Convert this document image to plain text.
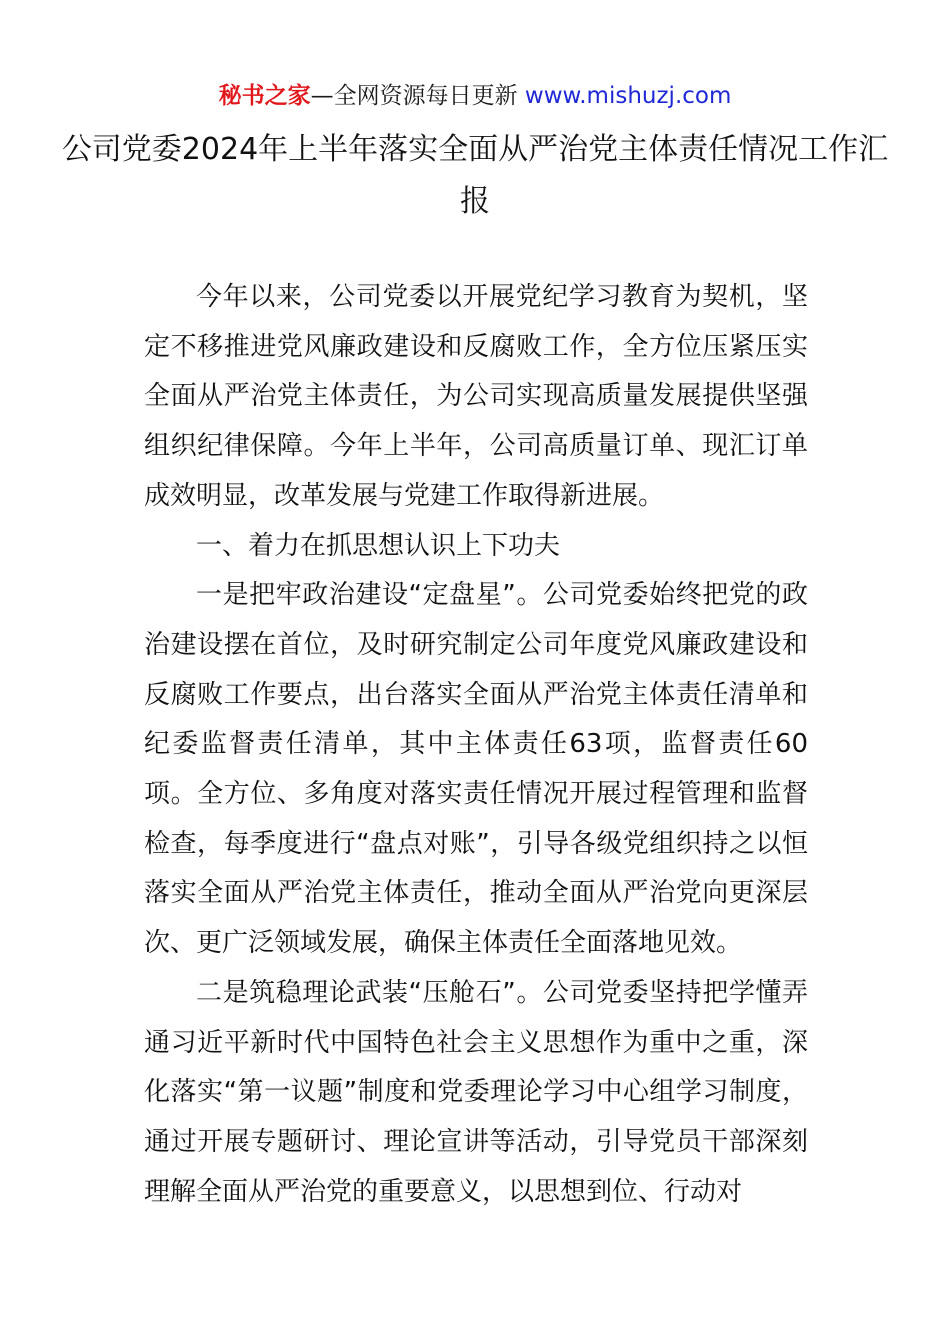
秘书之家—全网资源每日更新 www.mishuzj.com
公司党委2024年上半年落实全面从严治党主体责任情况工作汇报

今年以来，公司党委以开展党纪学习教育为契机，坚定不移推进党风廉政建设和反腐败工作，全方位压紧压实全面从严治党主体责任，为公司实现高质量发展提供坚强组织纪律保障。今年上半年，公司高质量订单、现汇订单成效明显，改革发展与党建工作取得新进展。

一、着力在抓思想认识上下功夫

一是把牢政治建设“定盘星”。公司党委始终把党的政治建设摆在首位，及时研究制定公司年度党风廉政建设和反腐败工作要点，出台落实全面从严治党主体责任清单和纪委监督责任清单，其中主体责任63项，监督责任60项。全方位、多角度对落实责任情况开展过程管理和监督检查，每季度进行“盘点对账”，引导各级党组织持之以恒落实全面从严治党主体责任，推动全面从严治党向更深层次、更广泛领域发展，确保主体责任全面落地见效。

二是筑稳理论武装“压舱石”。公司党委坚持把学懂弄通习近平新时代中国特色社会主义思想作为重中之重，深化落实“第一议题”制度和党委理论学习中心组学习制度，通过开展专题研讨、理论宣讲等活动，引导党员干部深刻理解全面从严治党的重要意义，以思想到位、行动对
